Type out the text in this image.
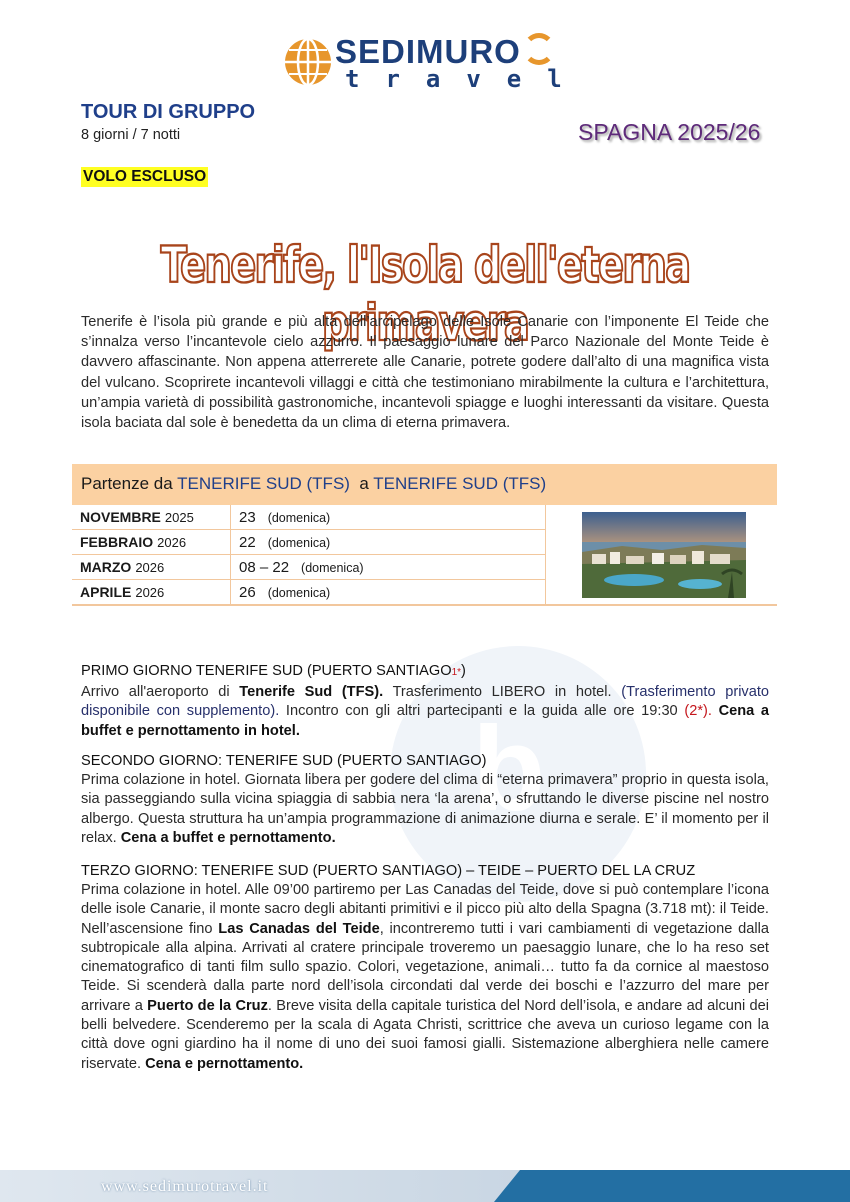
SEDIMURO
travel
TOUR DI GRUPPO
8 giorni / 7 notti	SPAGNA 2025/26
VOLO ESCLUSO
Tenerife, l'Isola dell'eterna primavera

Tenerife è l’isola più grande e più alta dell’arcipelago delle Isole Canarie con l’imponente El Teide che s’innalza verso l’incantevole cielo azzurro. Il paesaggio lunare del Parco Nazionale del Monte Teide è davvero affascinante. Non appena atterrerete alle Canarie, potrete godere dall’alto di una magnifica vista del vulcano. Scoprirete incantevoli villaggi e città che testimoniano mirabilmente la cultura e l’architettura, un’ampia varietà di possibilità gastronomiche, incantevoli spiagge e luoghi interessanti da visitare. Questa isola baciata dal sole è benedetta da un clima di eterna primavera.

Partenze da TENERIFE SUD (TFS) a TENERIFE SUD (TFS)
NOVEMBRE 2025	23 (domenica)	

FEBBRAIO 2026	22 (domenica)	
MARZO 2026	08 – 22 (domenica)	
APRILE 2026	26 (domenica)	
b
PRIMO GIORNO TENERIFE SUD (PUERTO SANTIAGO1*)

Arrivo all'aeroporto di Tenerife Sud (TFS). Trasferimento LIBERO in hotel. (Trasferimento privato disponibile con supplemento). Incontro con gli altri partecipanti e la guida alle ore 19:30 (2*). Cena a buffet e pernottamento in hotel.

SECONDO GIORNO: TENERIFE SUD (PUERTO SANTIAGO)

Prima colazione in hotel. Giornata libera per godere del clima di “eterna primavera” proprio in questa isola, sia passeggiando sulla vicina spiaggia di sabbia nera ‘la arena’, o sfruttando le diverse piscine nel nostro albergo. Questa struttura ha un’ampia programmazione di animazione diurna e serale. E’ il momento per il relax. Cena a buffet e pernottamento.

TERZO GIORNO: TENERIFE SUD (PUERTO SANTIAGO) – TEIDE – PUERTO DEL LA CRUZ

Prima colazione in hotel. Alle 09’00 partiremo per Las Canadas del Teide, dove si può contemplare l’icona delle isole Canarie, il monte sacro degli abitanti primitivi e il picco più alto della Spagna (3.718 mt): il Teide. Nell’ascensione fino Las Canadas del Teide, incontreremo tutti i vari cambiamenti di vegetazione dalla subtropicale alla alpina. Arrivati al cratere principale troveremo un paesaggio lunare, che lo ha reso set cinematografico di tanti film sullo spazio. Colori, vegetazione, animali… tutto fa da cornice al maestoso Teide. Si scenderà dalla parte nord dell’isola circondati dal verde dei boschi e l’azzurro del mare per arrivare a Puerto de la Cruz. Breve visita della capitale turistica del Nord dell’isola, e andare ad alcuni dei belli belvedere. Scenderemo per la scala di Agata Christi, scrittrice che aveva un curioso legame con la città dove ogni giardino ha il nome di uno dei suoi famosi gialli. Sistemazione alberghiera nelle camere riservate. Cena e pernottamento.

www.sedimurotravel.it
